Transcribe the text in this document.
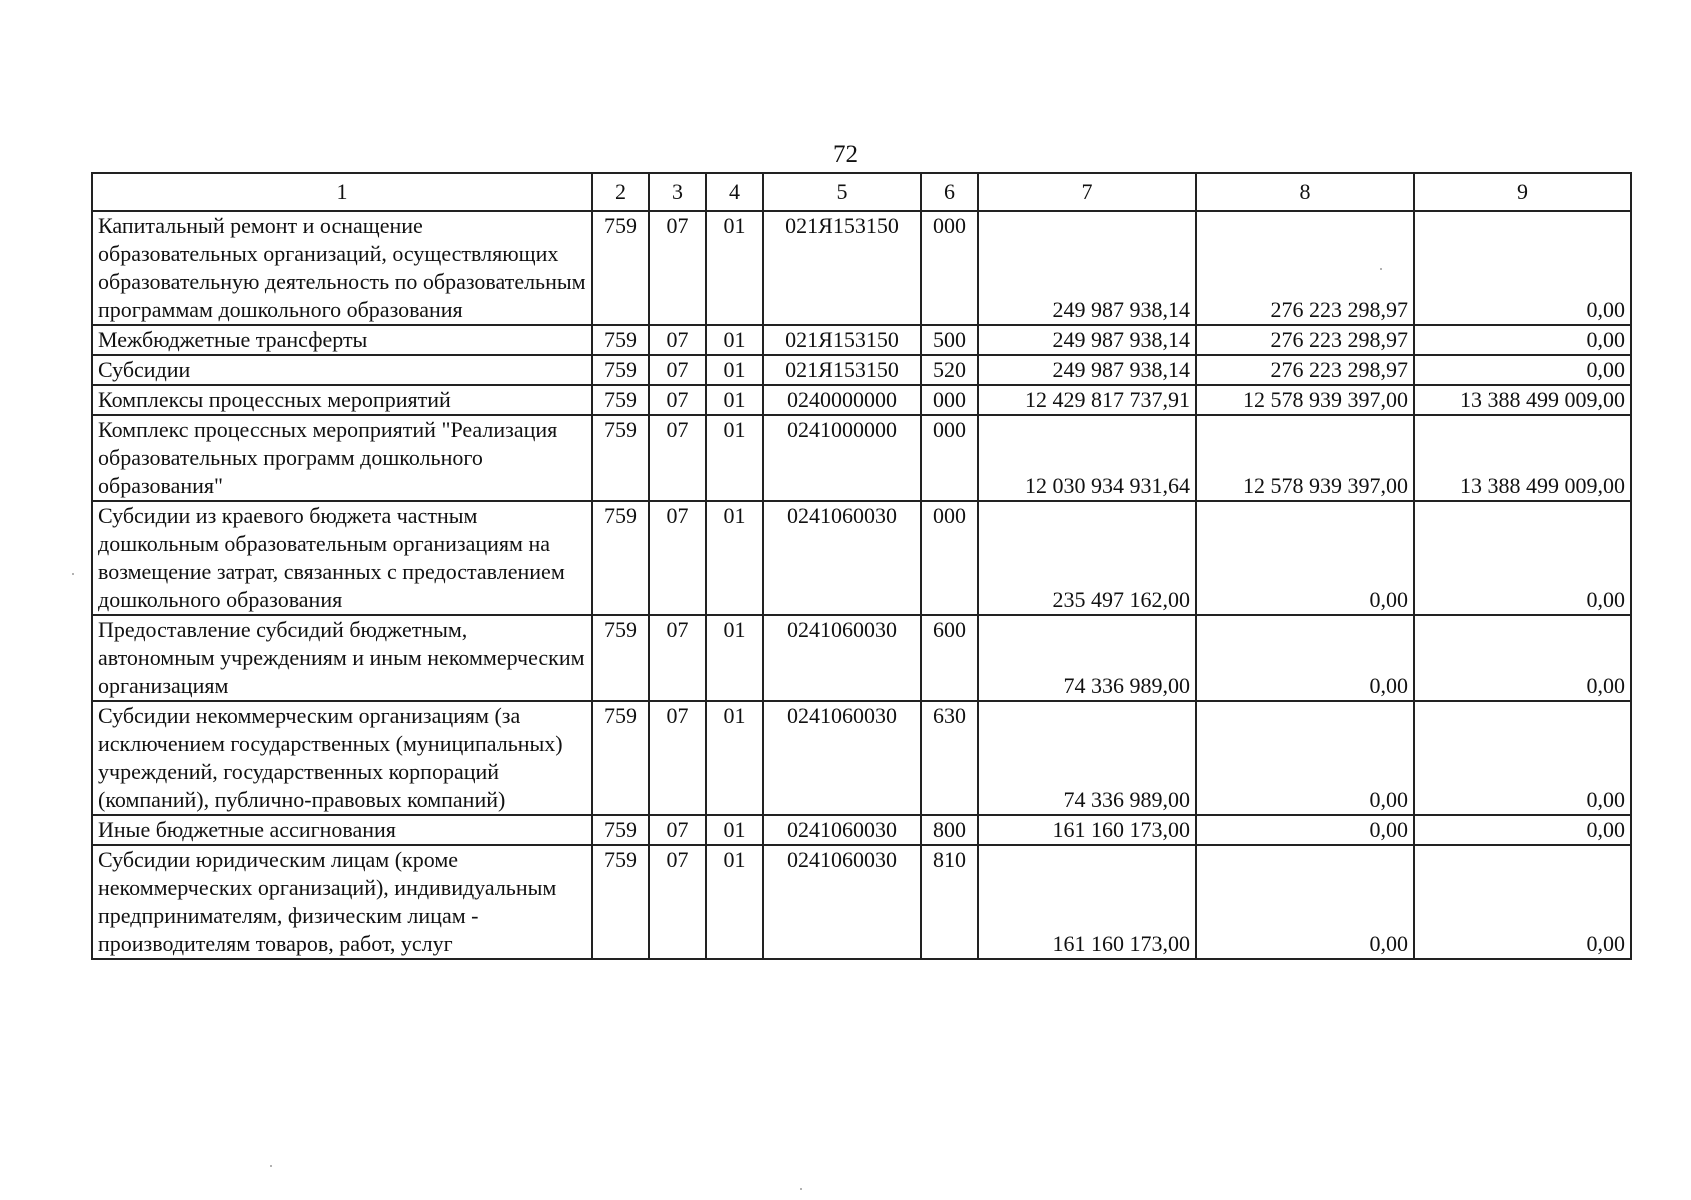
72
1	2	3	4	5	6	7	8	9
Капитальный ремонт и оснащение образовательных организаций, осуществляющих образовательную деятельность по образовательным программам дошкольного образования	759	07	01	021Я153150	000	249 987 938,14	276 223 298,97	0,00
Межбюджетные трансферты	759	07	01	021Я153150	500	249 987 938,14	276 223 298,97	0,00
Субсидии	759	07	01	021Я153150	520	249 987 938,14	276 223 298,97	0,00
Комплексы процессных мероприятий	759	07	01	0240000000	000	12 429 817 737,91	12 578 939 397,00	13 388 499 009,00
Комплекс процессных мероприятий "Реализация образовательных программ дошкольного образования"	759	07	01	0241000000	000	12 030 934 931,64	12 578 939 397,00	13 388 499 009,00
Субсидии из краевого бюджета частным дошкольным образовательным организациям на возмещение затрат, связанных с предоставлением дошкольного образования	759	07	01	0241060030	000	235 497 162,00	0,00	0,00
Предоставление субсидий бюджетным, автономным учреждениям и иным некоммерческим организациям	759	07	01	0241060030	600	74 336 989,00	0,00	0,00
Субсидии некоммерческим организациям (за исключением государственных (муниципальных) учреждений, государственных корпораций (компаний), публично-правовых компаний)	759	07	01	0241060030	630	74 336 989,00	0,00	0,00
Иные бюджетные ассигнования	759	07	01	0241060030	800	161 160 173,00	0,00	0,00
Субсидии юридическим лицам (кроме некоммерческих организаций), индивидуальным предпринимателям, физическим лицам - производителям товаров, работ, услуг	759	07	01	0241060030	810	161 160 173,00	0,00	0,00
